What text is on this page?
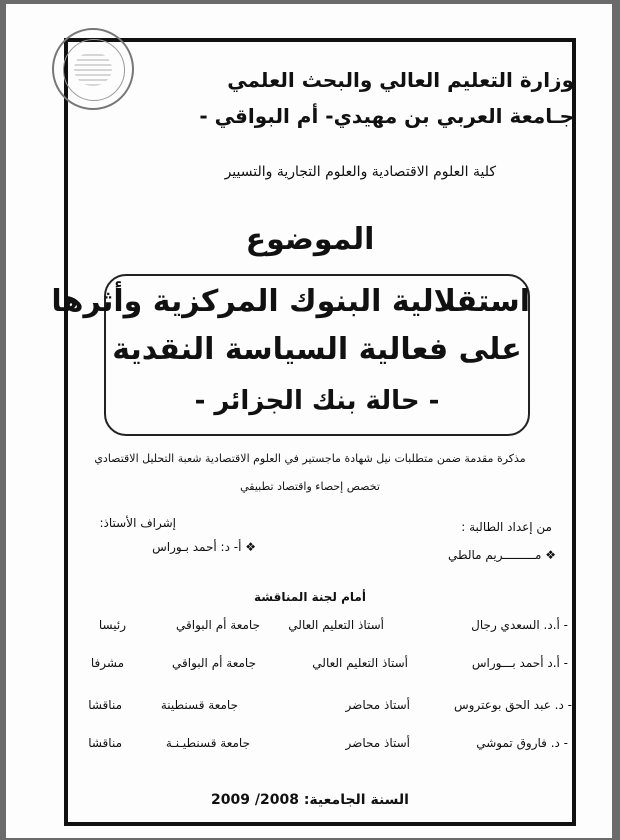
وزارة التعليم العالي والبحث العلمي
جـامعة العربي بن مهيدي- أم البواقي -
كلية العلوم الاقتصادية والعلوم التجارية والتسيير
الموضوع
استقلالية البنوك المركزية وأثرها
على فعالية السياسة النقدية
- حالة بنك الجزائر -
مذكرة مقدمة ضمن متطلبات نيل شهادة ماجستير في العلوم الاقتصادية شعبة التحليل الاقتصادي
تخصص إحصاء واقتصاد تطبيقي
إشراف الأستاذ:
❖ أ- د: أحمد بـوراس
من إعداد الطالبة :
❖ مـــــــــريم مالطي
أمام لجنة المناقشة
- أ.د. السعدي رجال
أستاذ التعليم العالي
جامعة أم البواقي
رئيسا
- أ.د أحمد بـــوراس
أستاذ التعليم العالي
جامعة أم البواقي
مشرفا
- د. عبد الحق بوعتروس
أستاذ محاضر
جامعة قسنطينة
مناقشا
- د. فاروق تموشي
أستاذ محاضر
جامعة قسنطيـنـة
مناقشا
السنة الجامعية: 2008/ 2009
